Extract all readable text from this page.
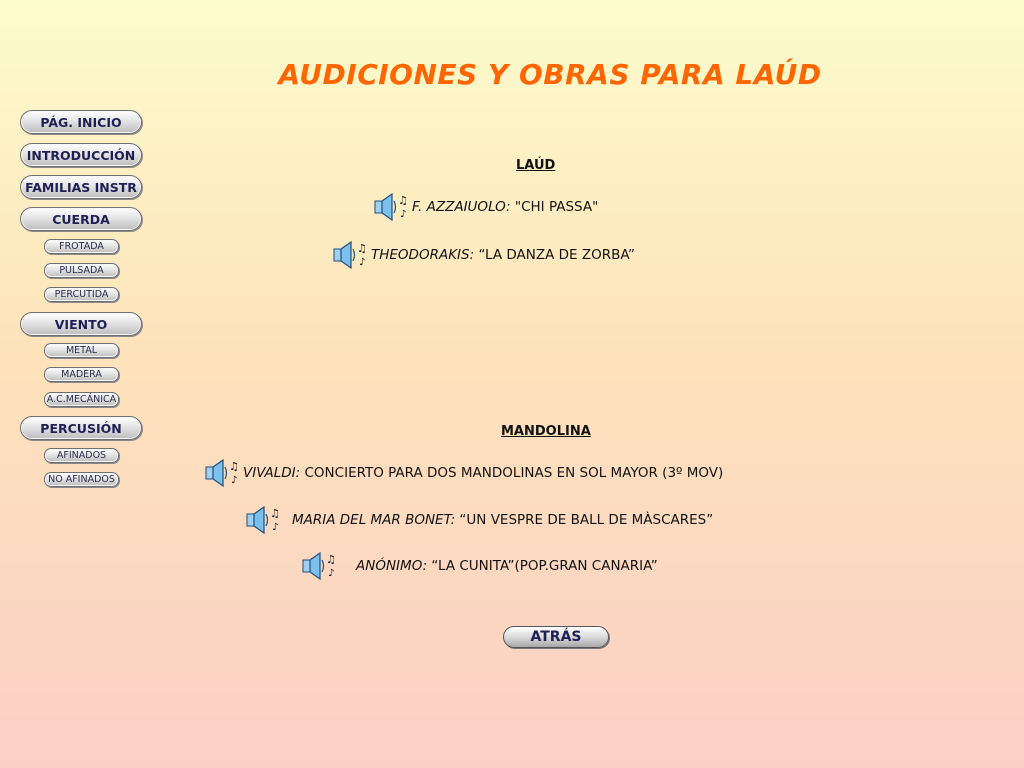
AUDICIONES Y OBRAS PARA LAÚD
PÁG. INICIO
INTRODUCCIÓN
FAMILIAS INSTR
CUERDA
FROTADA
PULSADA
PERCUTIDA
VIENTO
METAL
MADERA
A.C.MECÁNICA
PERCUSIÓN
AFINADOS
NO AFINADOS
LAÚD
♫
♪ F. AZZAIUOLO: "CHI PASSA"
♫
♪ THEODORAKIS: “LA DANZA DE ZORBA”
MANDOLINA
♫
♪ VIVALDI: CONCIERTO PARA DOS MANDOLINAS EN SOL MAYOR (3º MOV)
♫
♪ MARIA DEL MAR BONET: “UN VESPRE DE BALL DE MÀSCARES”
♫
♪ ANÓNIMO: “LA CUNITA”(POP.GRAN CANARIA”
ATRÁS
